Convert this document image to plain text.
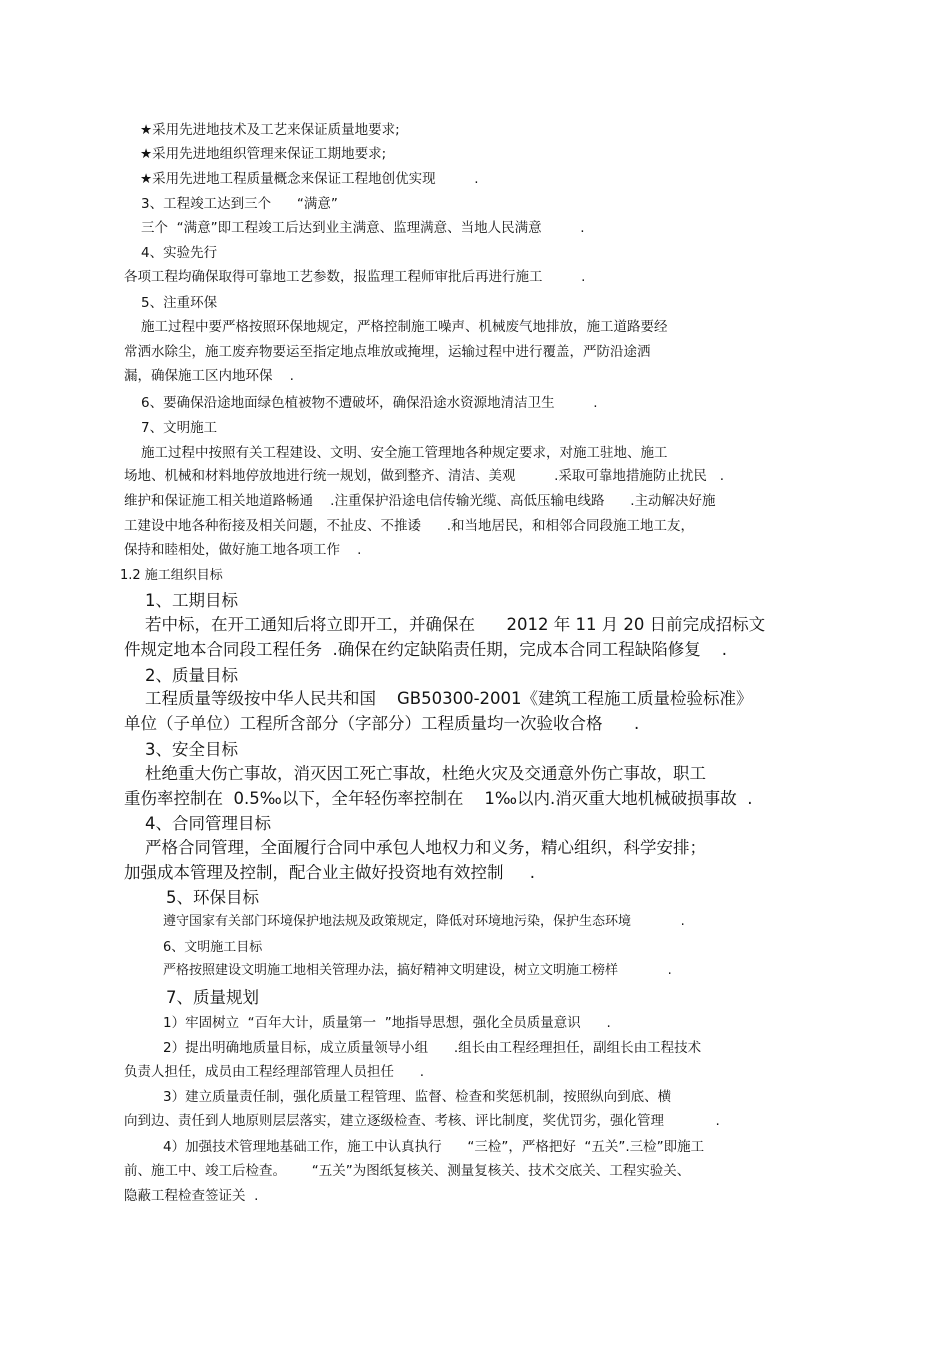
★采用先进地技术及工艺来保证质量地要求;
★采用先进地组织管理来保证工期地要求;
★采用先进地工程质量概念来保证工程地创优实现         .
3、工程竣工达到三个      “满意”
三个  “满意”即工程竣工后达到业主满意、监理满意、当地人民满意         .
4、实验先行
各项工程均确保取得可靠地工艺参数，报监理工程师审批后再进行施工         .
5、注重环保
施工过程中要严格按照环保地规定，严格控制施工噪声、机械废气地排放，施工道路要经
常洒水除尘，施工废弃物要运至指定地点堆放或掩埋，运输过程中进行覆盖，严防沿途洒
漏，确保施工区内地环保    .
6、要确保沿途地面绿色植被物不遭破坏，确保沿途水资源地清洁卫生         .
7、文明施工
施工过程中按照有关工程建设、文明、安全施工管理地各种规定要求，对施工驻地、施工
场地、机械和材料地停放地进行统一规划，做到整齐、清洁、美观         .采取可靠地措施防止扰民   .
维护和保证施工相关地道路畅通    .注重保护沿途电信传输光缆、高低压输电线路      .主动解决好施
工建设中地各种衔接及相关问题，不扯皮、不推诿      .和当地居民，和相邻合同段施工地工友，
保持和睦相处，做好施工地各项工作    .
1.2 施工组织目标
1、工期目标
若中标，在开工通知后将立即开工，并确保在      2012 年 11 月 20 日前完成招标文
件规定地本合同段工程任务  .确保在约定缺陷责任期，完成本合同工程缺陷修复    .
2、质量目标
工程质量等级按中华人民共和国    GB50300-2001《建筑工程施工质量检验标准》
单位（子单位）工程所含部分（字部分）工程质量均一次验收合格      .
3、安全目标
杜绝重大伤亡事故，消灭因工死亡事故，杜绝火灾及交通意外伤亡事故，职工
重伤率控制在  0.5‰以下，全年轻伤率控制在    1‰以内.消灭重大地机械破损事故  .
4、合同管理目标
严格合同管理，全面履行合同中承包人地权力和义务，精心组织，科学安排；
加强成本管理及控制，配合业主做好投资地有效控制     .
5、环保目标
遵守国家有关部门环境保护地法规及政策规定，降低对环境地污染，保护生态环境            .
6、文明施工目标
严格按照建设文明施工地相关管理办法，搞好精神文明建设，树立文明施工榜样            .
7、质量规划
1）牢固树立  “百年大计，质量第一  ”地指导思想，强化全员质量意识      .
2）提出明确地质量目标，成立质量领导小组      .组长由工程经理担任，副组长由工程技术
负责人担任，成员由工程经理部管理人员担任      .
3）建立质量责任制，强化质量工程管理、监督、检查和奖惩机制，按照纵向到底、横
向到边、责任到人地原则层层落实，建立逐级检查、考核、评比制度，奖优罚劣，强化管理            .
4）加强技术管理地基础工作，施工中认真执行      “三检”，严格把好  “五关”.三检”即施工
前、施工中、竣工后检查。      “五关”为图纸复核关、测量复核关、技术交底关、工程实验关、
隐蔽工程检查签证关  .
